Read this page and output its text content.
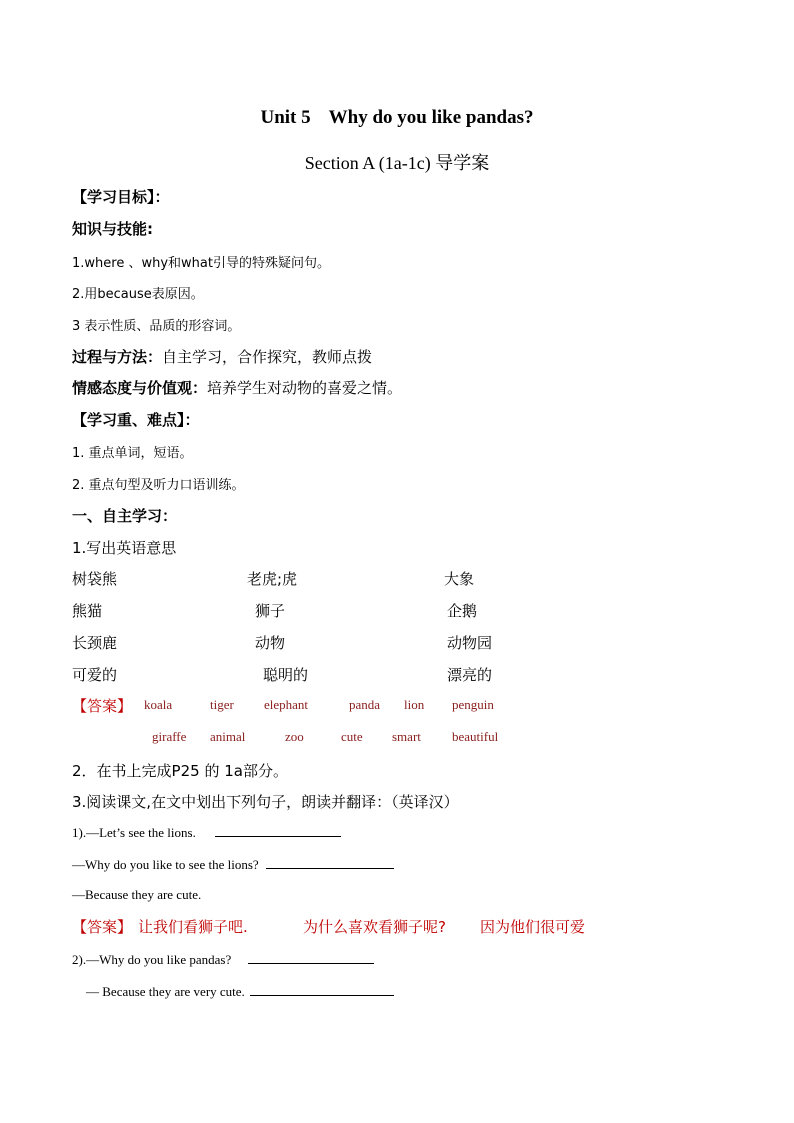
Unit 5 Why do you like pandas?
Section A (1a-1c) 导学案
【学习目标】：
知识与技能:
1.where 、why和what引导的特殊疑问句。
2.用because表原因。
3 表示性质、品质的形容词。
过程与方法：自主学习，合作探究，教师点拨
情感态度与价值观：培养学生对动物的喜爱之情。
【学习重、难点】：
1. 重点单词，短语。
2. 重点句型及听力口语训练。
一、自主学习：
1.写出英语意思
树袋熊	老虎;虎	大象
熊猫	狮子	企鹅
长颈鹿	动物	动物园
可爱的	聪明的	漂亮的
【答案】 koala	tiger elephant	panda lion penguin
giraffe animal	zoo	cute smart beautiful
2．在书上完成P25 的 1a部分。
3.阅读课文,在文中划出下列句子，朗读并翻译：（英译汉）
1).—Let’s see the lions.
—Why do you like to see the lions?
—Because they are cute.
【答案】 让我们看狮子吧.	为什么喜欢看狮子呢? 因为他们很可爱
2).—Why do you like pandas?
— Because they are very cute.
